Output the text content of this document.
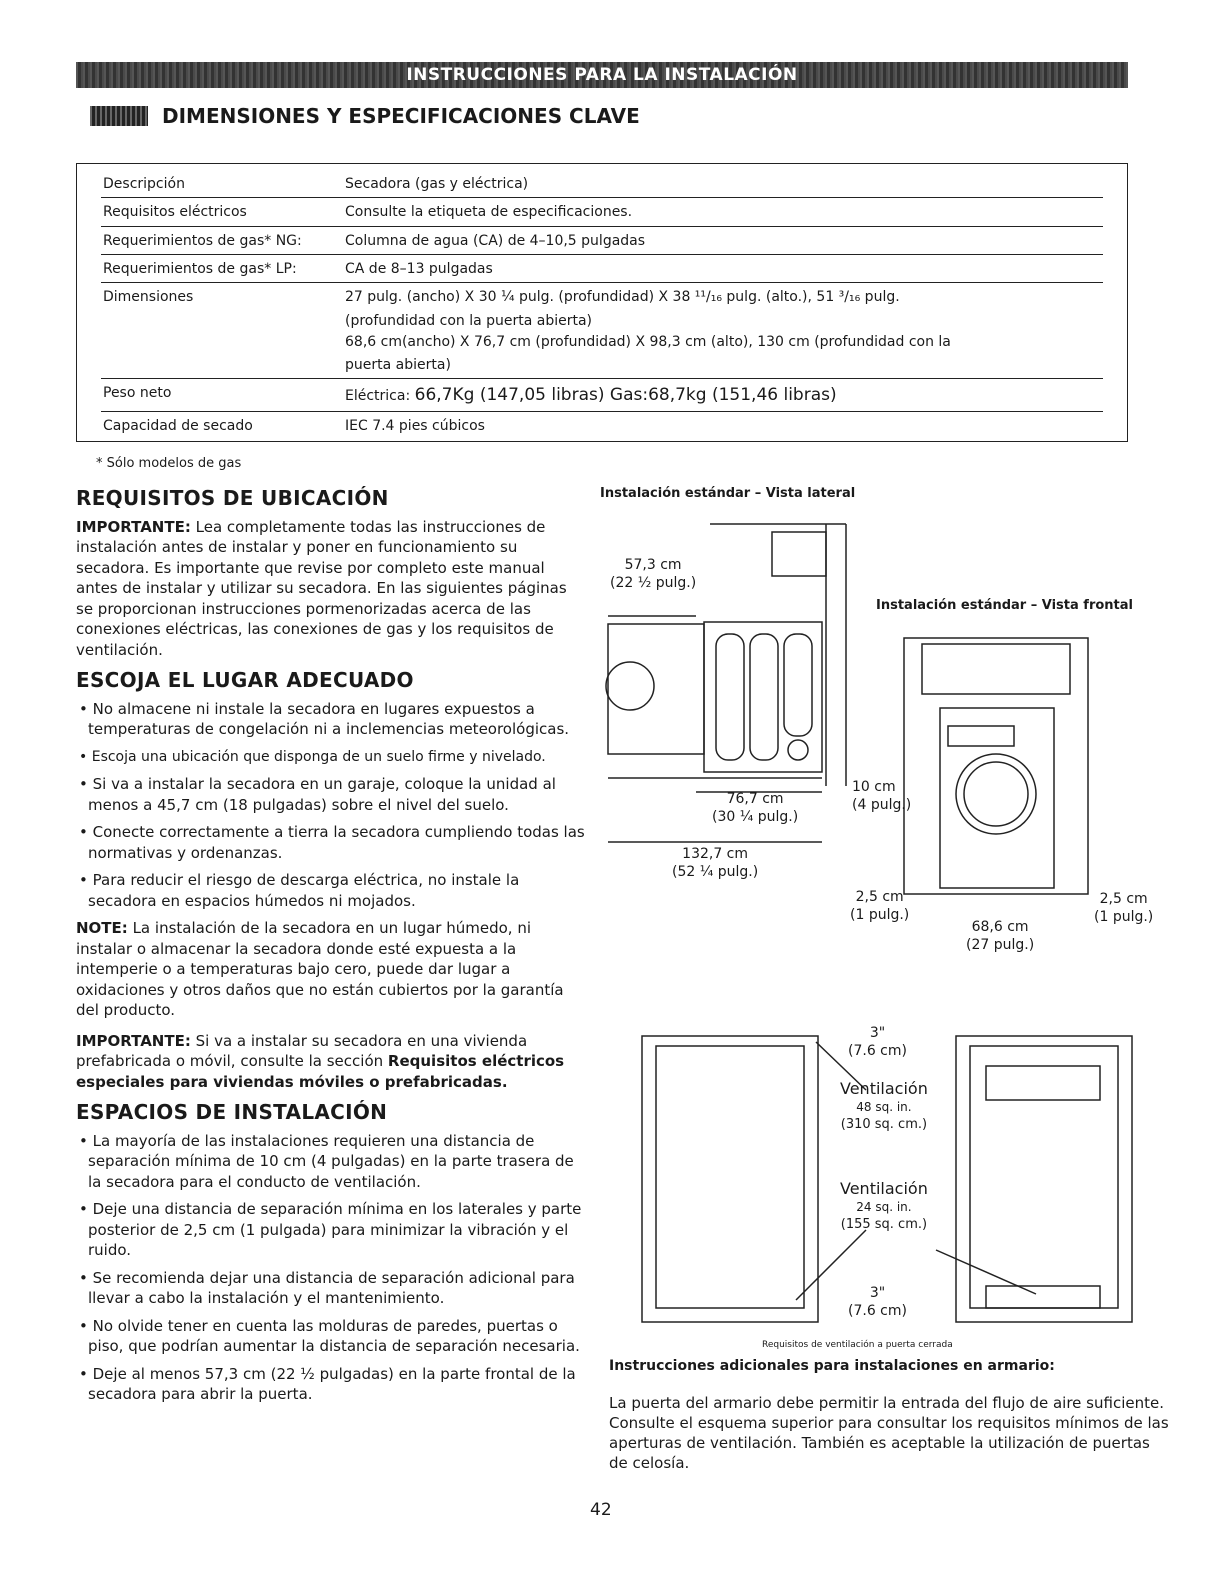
INSTRUCCIONES PARA LA INSTALACIÓN
DIMENSIONES Y ESPECIFICACIONES CLAVE
Descripción	Secadora (gas y eléctrica)
Requisitos eléctricos	Consulte la etiqueta de especificaciones.
Requerimientos de gas* NG:	Columna de agua (CA) de 4–10,5 pulgadas
Requerimientos de gas* LP:	CA de 8–13 pulgadas
Dimensiones	27 pulg. (ancho) X 30 ¼ pulg. (profundidad) X 38 ¹¹/₁₆ pulg. (alto.), 51 ³/₁₆ pulg.
(profundidad con la puerta abierta)
68,6 cm(ancho) X 76,7 cm (profundidad) X 98,3 cm (alto), 130 cm (profundidad con la
puerta abierta)

Peso neto	Eléctrica: 66,7Kg (147,05 libras) Gas:68,7kg (151,46 libras)
Capacidad de secado	IEC 7.4 pies cúbicos
* Sólo modelos de gas
REQUISITOS DE UBICACIÓN

IMPORTANTE: Lea completamente todas las instrucciones de instalación antes de instalar y poner en funcionamiento su secadora. Es importante que revise por completo este manual antes de instalar y utilizar su secadora. En las siguientes páginas se proporcionan instrucciones pormenorizadas acerca de las conexiones eléctricas, las conexiones de gas y los requisitos de ventilación.

ESCOJA EL LUGAR ADECUADO
• No almacene ni instale la secadora en lugares expuestos a temperaturas de congelación ni a inclemencias meteorológicas.
• Escoja una ubicación que disponga de un suelo firme y nivelado.
• Si va a instalar la secadora en un garaje, coloque la unidad al menos a 45,7 cm (18 pulgadas) sobre el nivel del suelo.
• Conecte correctamente a tierra la secadora cumpliendo todas las normativas y ordenanzas.
• Para reducir el riesgo de descarga eléctrica, no instale la secadora en espacios húmedos ni mojados.

NOTE: La instalación de la secadora en un lugar húmedo, ni instalar o almacenar la secadora donde esté expuesta a la intemperie o a temperaturas bajo cero, puede dar lugar a oxidaciones y otros daños que no están cubiertos por la garantía del producto.

IMPORTANTE: Si va a instalar su secadora en una vivienda prefabricada o móvil, consulte la sección Requisitos eléctricos especiales para viviendas móviles o prefabricadas.

ESPACIOS DE INSTALACIÓN
• La mayoría de las instalaciones requieren una distancia de separación mínima de 10 cm (4 pulgadas) en la parte trasera de la secadora para el conducto de ventilación.
• Deje una distancia de separación mínima en los laterales y parte posterior de 2,5 cm (1 pulgada) para minimizar la vibración y el ruido.
• Se recomienda dejar una distancia de separación adicional para llevar a cabo la instalación y el mantenimiento.
• No olvide tener en cuenta las molduras de paredes, puertas o piso, que podrían aumentar la distancia de separación necesaria.
• Deje al menos 57,3 cm (22 ½ pulgadas) en la parte frontal de la secadora para abrir la puerta.
Instalación estándar – Vista lateral
57,3 cm
(22 ½ pulg.)
76,7 cm
(30 ¼ pulg.)
132,7 cm
(52 ¼ pulg.)
Instalación estándar – Vista frontal
10 cm
(4 pulg.)
2,5 cm
(1 pulg.)
68,6 cm
(27 pulg.)
2,5 cm
(1 pulg.)
3"
(7.6 cm)
Ventilación
48 sq. in.
(310 sq. cm.)
Ventilación
24 sq. in.
(155 sq. cm.)
3"
(7.6 cm)
Requisitos de ventilación a puerta cerrada
Instrucciones adicionales para instalaciones en armario:
La puerta del armario debe permitir la entrada del flujo de aire suficiente. Consulte el esquema superior para consultar los requisitos mínimos de las aperturas de ventilación. También es aceptable la utilización de puertas de celosía.
42
